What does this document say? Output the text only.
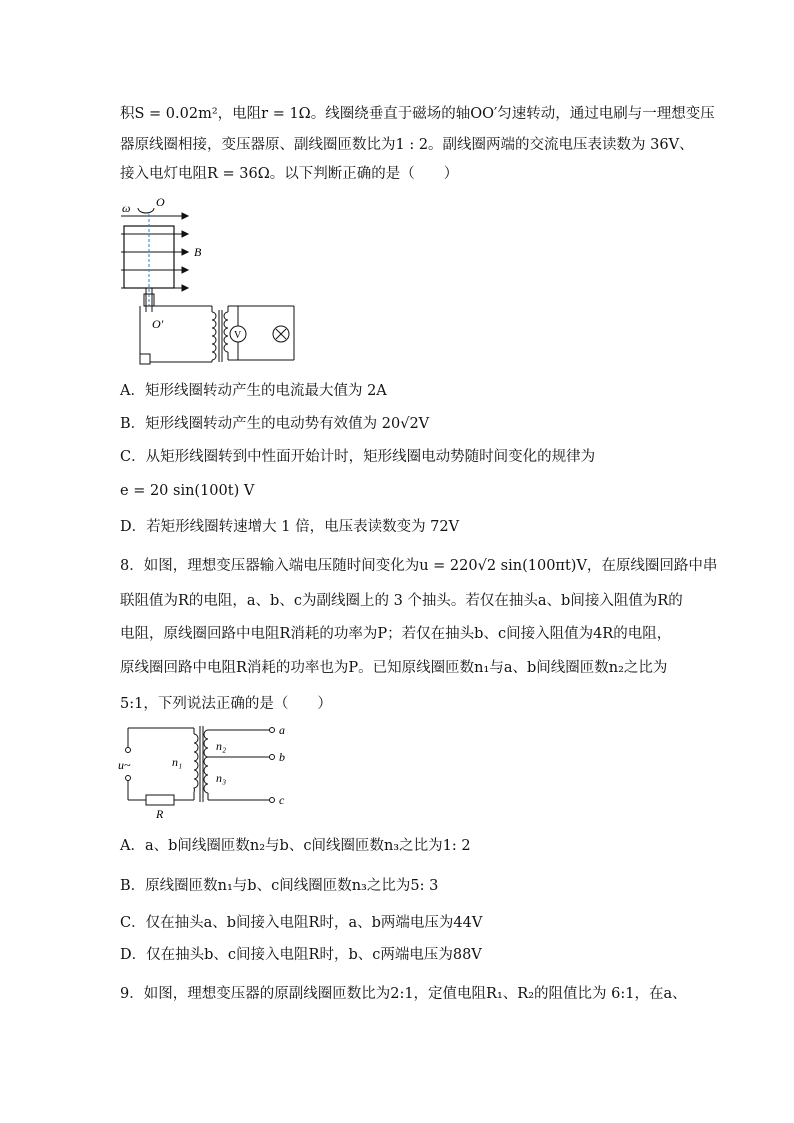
积S = 0.02m²，电阻r = 1Ω。线圈绕垂直于磁场的轴OO′匀速转动，通过电刷与一理想变压
器原线圈相接，变压器原、副线圈匝数比为1 : 2。副线圈两端的交流电压表读数为 36V、
接入电灯电阻R = 36Ω。以下判断正确的是（　　）
ω O
B
O′
V
A．矩形线圈转动产生的电流最大值为 2A
B．矩形线圈转动产生的电动势有效值为 20√2V
C．从矩形线圈转到中性面开始计时，矩形线圈电动势随时间变化的规律为
e = 20 sin(100t) V
D．若矩形线圈转速增大 1 倍，电压表读数变为 72V
8．如图，理想变压器输入端电压随时间变化为u = 220√2 sin(100πt)V，在原线圈回路中串
联阻值为R的电阻，a、b、c为副线圈上的 3 个抽头。若仅在抽头a、b间接入阻值为R的
电阻，原线圈回路中电阻R消耗的功率为P；若仅在抽头b、c间接入阻值为4R的电阻，
原线圈回路中电阻R消耗的功率也为P。已知原线圈匝数n₁与a、b间线圈匝数n₂之比为
5:1，下列说法正确的是（　　）
u~
R
n₁
n₂
n₃
a
b
c
A．a、b间线圈匝数n₂与b、c间线圈匝数n₃之比为1: 2
B．原线圈匝数n₁与b、c间线圈匝数n₃之比为5: 3
C．仅在抽头a、b间接入电阻R时，a、b两端电压为44V
D．仅在抽头b、c间接入电阻R时，b、c两端电压为88V
9．如图，理想变压器的原副线圈匝数比为2:1，定值电阻R₁、R₂的阻值比为 6:1，在a、
